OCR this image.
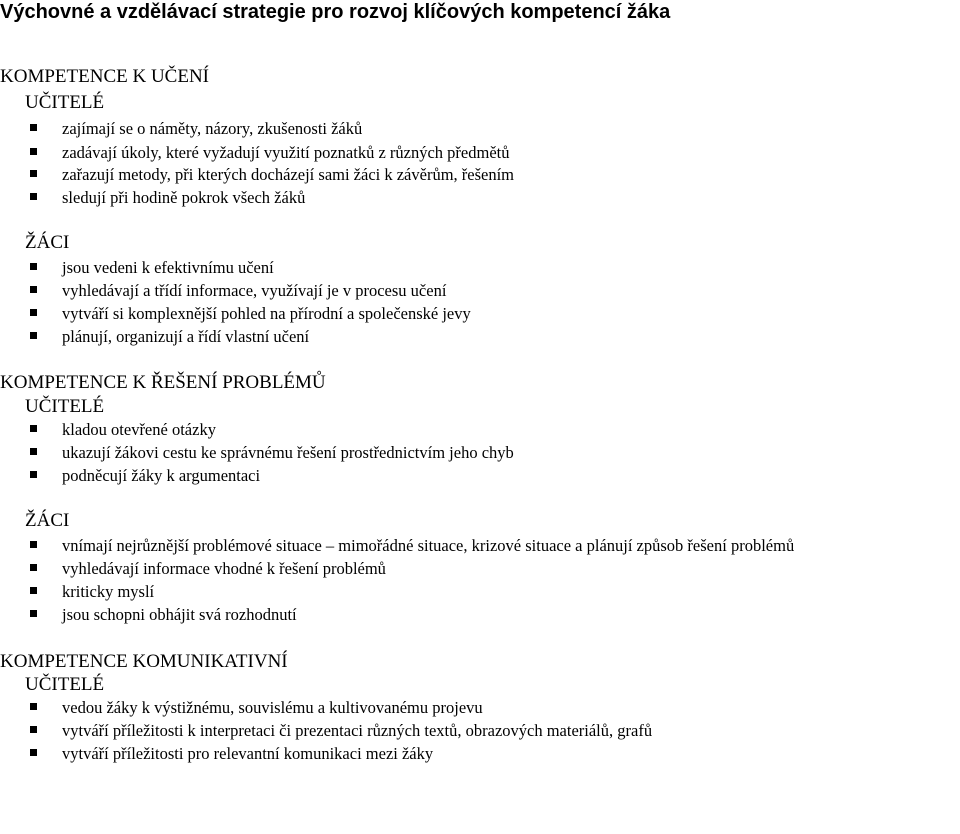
Výchovné a vzdělávací strategie pro rozvoj klíčových kompetencí žáka
KOMPETENCE K UČENÍ
UČITELÉ
zajímají se o náměty, názory, zkušenosti žáků
zadávají úkoly, které vyžadují využití poznatků z různých předmětů
zařazují metody, při kterých docházejí sami žáci k závěrům, řešením
sledují při hodině pokrok všech žáků
ŽÁCI
jsou vedeni k efektivnímu učení
vyhledávají a třídí informace, využívají je v procesu učení
vytváří si komplexnější pohled na přírodní a společenské jevy
plánují, organizují a řídí vlastní učení
KOMPETENCE K ŘEŠENÍ PROBLÉMŮ
UČITELÉ
kladou otevřené otázky
ukazují žákovi cestu ke správnému řešení prostřednictvím jeho chyb
podněcují žáky k argumentaci
ŽÁCI
vnímají nejrůznější problémové situace – mimořádné situace, krizové situace a plánují způsob řešení problémů
vyhledávají informace vhodné k řešení problémů
kriticky myslí
jsou schopni obhájit svá rozhodnutí
KOMPETENCE KOMUNIKATIVNÍ
UČITELÉ
vedou žáky k výstižnému, souvislému a kultivovanému projevu
vytváří příležitosti k interpretaci či prezentaci různých textů, obrazových materiálů, grafů
vytváří příležitosti pro relevantní komunikaci mezi žáky
